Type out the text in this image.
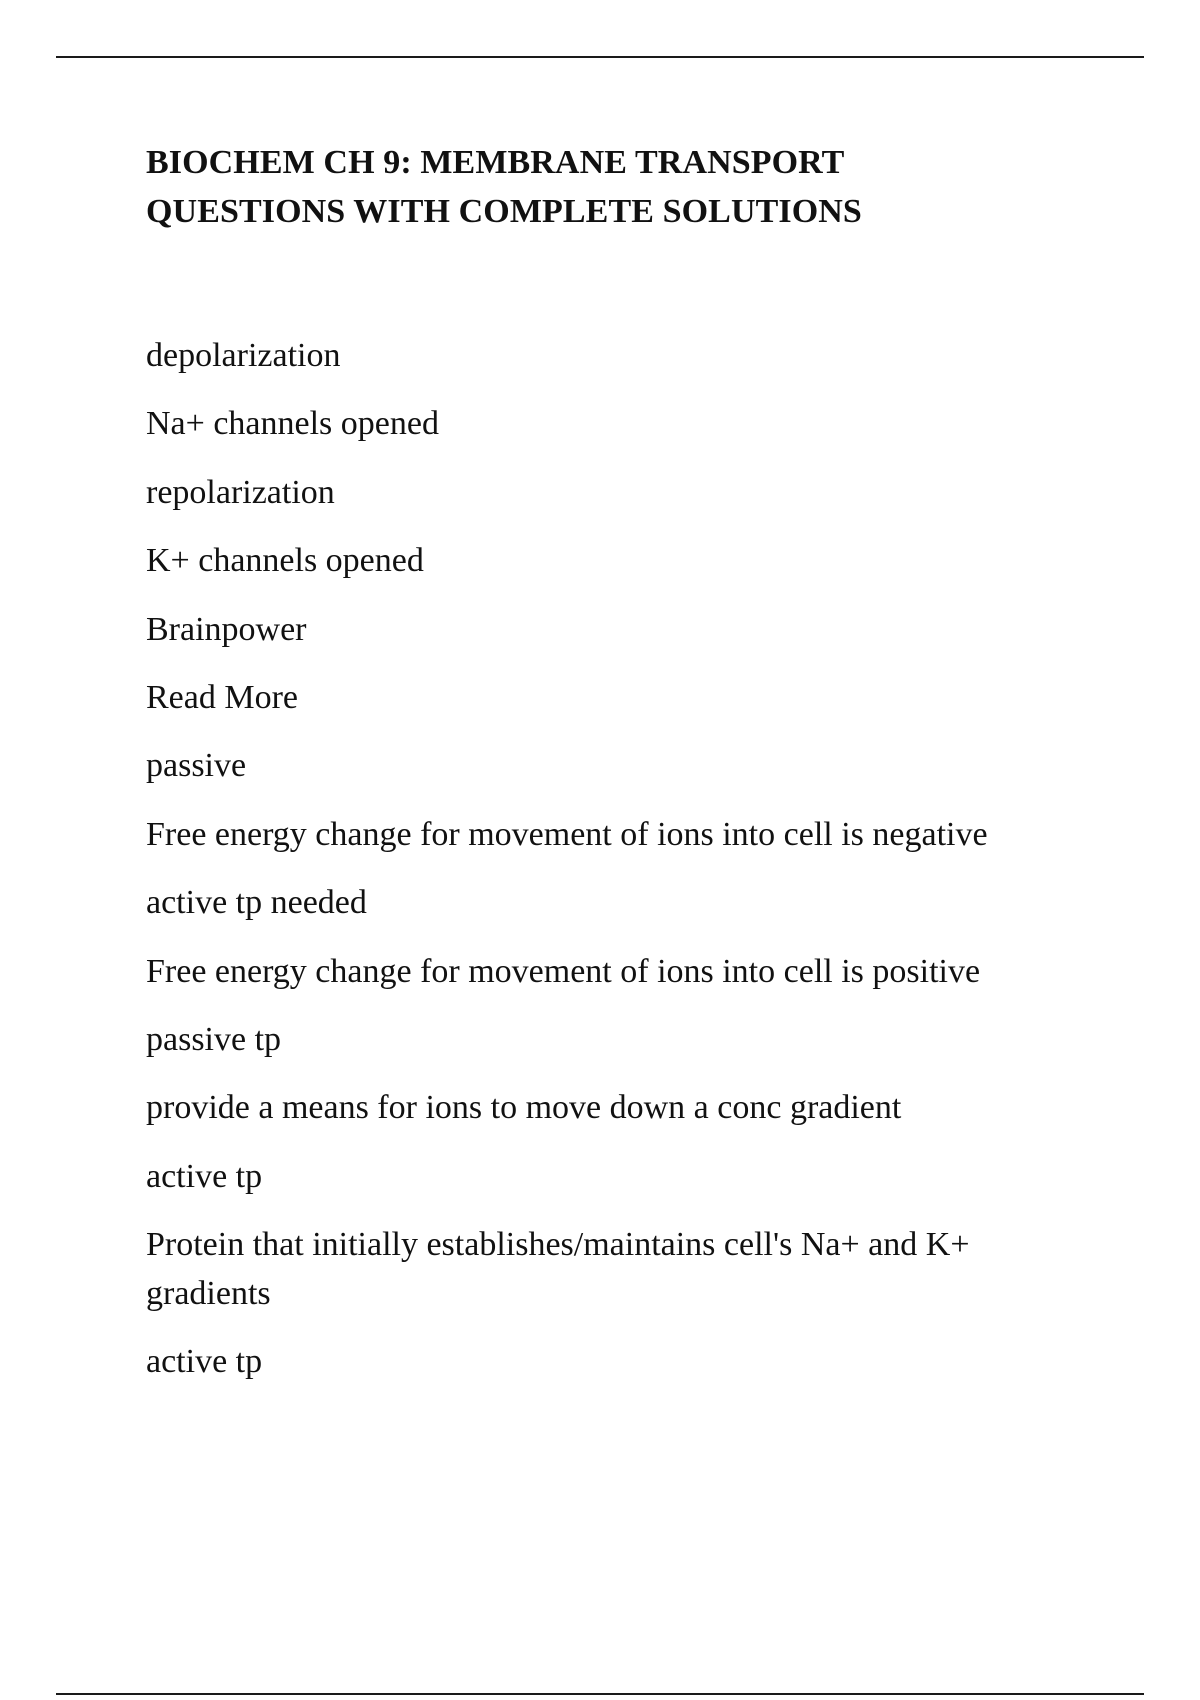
BIOCHEM CH 9: MEMBRANE TRANSPORT
QUESTIONS WITH COMPLETE SOLUTIONS

depolarization

Na+ channels opened

repolarization

K+ channels opened

Brainpower

Read More

passive

Free energy change for movement of ions into cell is negative

active tp needed

Free energy change for movement of ions into cell is positive

passive tp

provide a means for ions to move down a conc gradient

active tp

Protein that initially establishes/maintains cell's Na+ and K+ gradients

active tp
